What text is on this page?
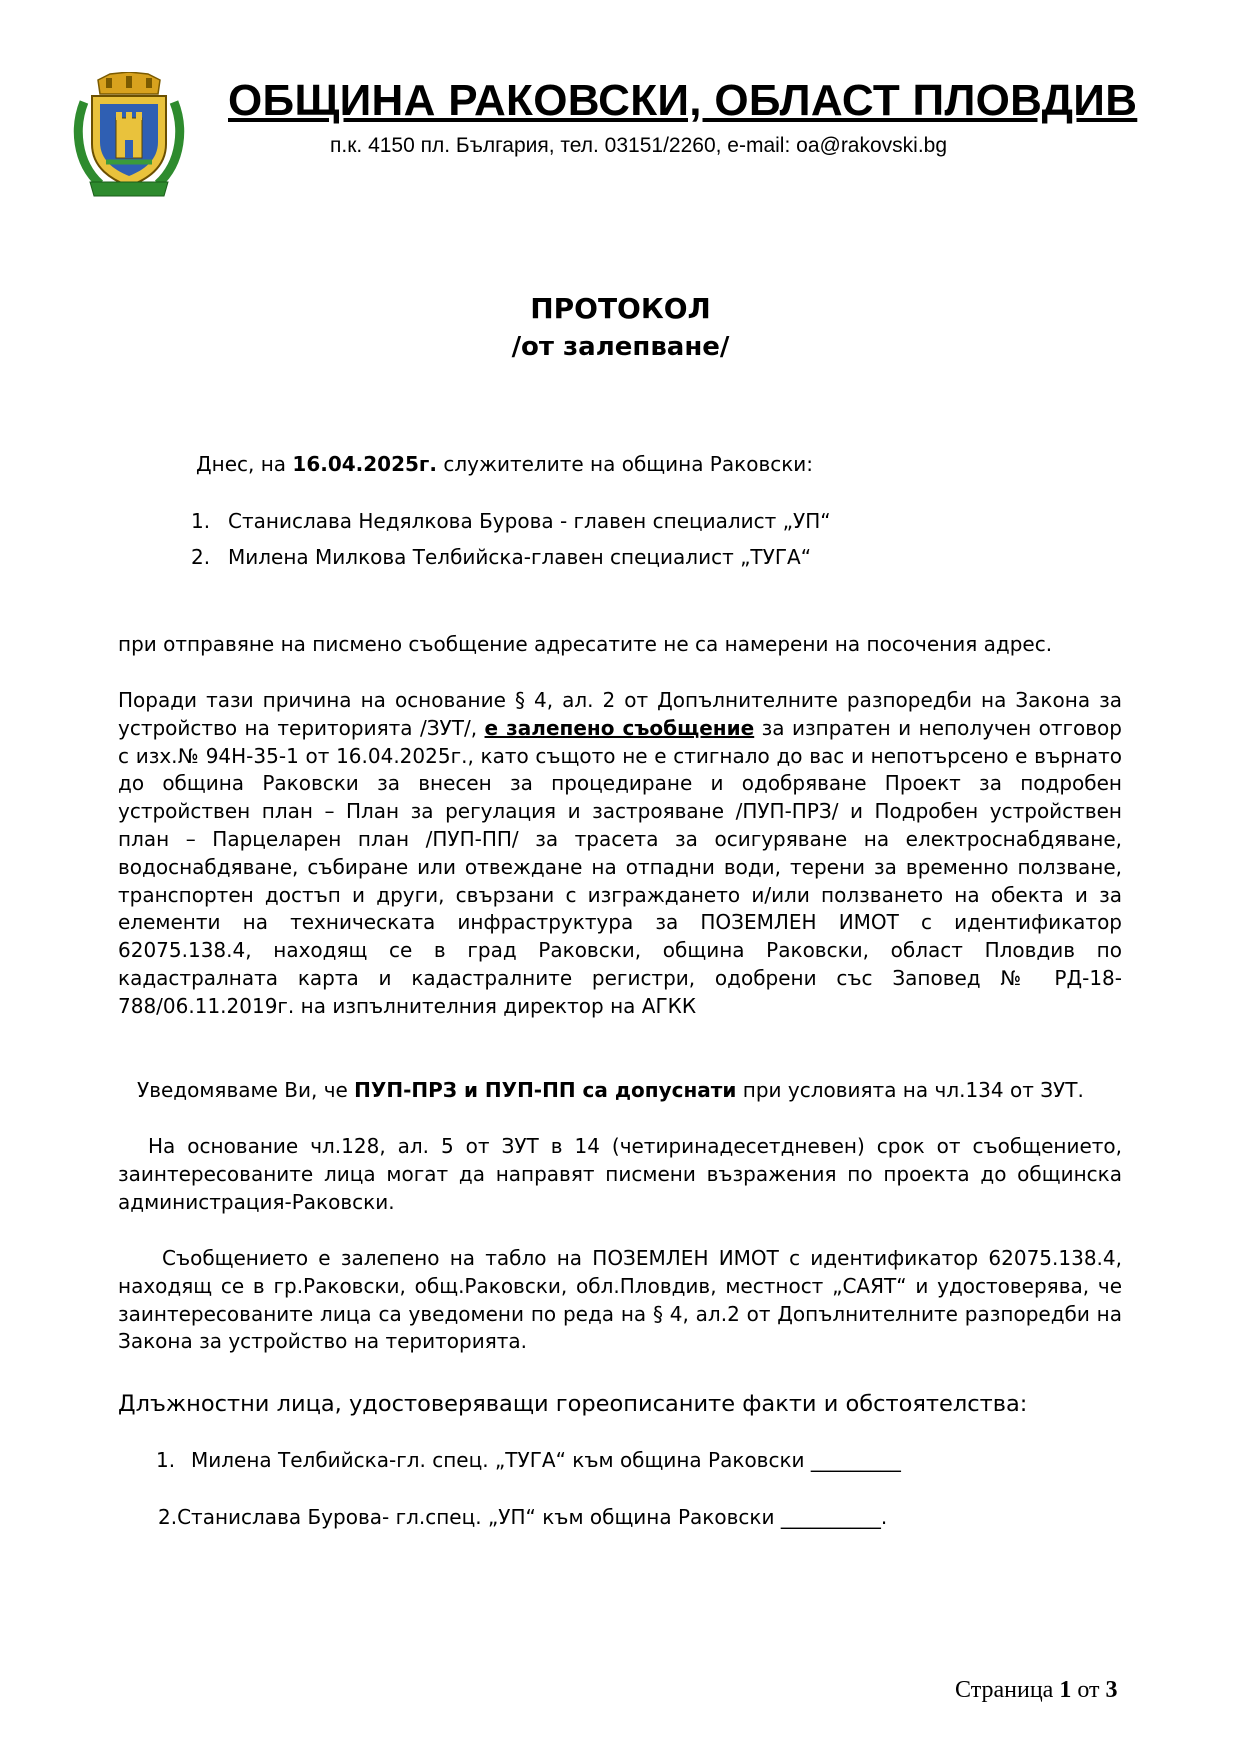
ОБЩИНА РАКОВСКИ, ОБЛАСТ ПЛОВДИВ
п.к. 4150 пл. България, тел. 03151/2260, e-mail: oa@rakovski.bg
ПРОТОКОЛ
/от залепване/
Днес, на 16.04.2025г. служителите на община Раковски:
1. Станислава Недялкова Бурова - главен специалист „УП“
2. Милена Милкова Телбийска-главен специалист „ТУГА“
при отправяне на писмено съобщение адресатите не са намерени на посочения адрес.
Поради тази причина на основание § 4, ал. 2 от Допълнителните разпоредби на Закона за устройство на територията /ЗУТ/, е залепено съобщение за изпратен и неполучен отговор с изх.№ 94Н-35-1 от 16.04.2025г., като същото не е стигнало до вас и непотърсено е върнато до община Раковски за внесен за процедиране и одобряване Проект за подробен устройствен план – План за регулация и застрояване /ПУП-ПРЗ/ и Подробен устройствен план – Парцеларен план /ПУП-ПП/ за трасета за осигуряване на електроснабдяване, водоснабдяване, събиране или отвеждане на отпадни води, терени за временно ползване, транспортен достъп и други, свързани с изграждането и/или ползването на обекта и за елементи на техническата инфраструктура за ПОЗЕМЛЕН ИМОТ с идентификатор 62075.138.4, находящ се в град Раковски, община Раковски, област Пловдив по кадастралната карта и кадастралните регистри, одобрени със Заповед № РД-18-788/06.11.2019г. на изпълнителния директор на АГКК
Уведомяваме Ви, че ПУП-ПРЗ и ПУП-ПП са допуснати при условията на чл.134 от ЗУТ.
На основание чл.128, ал. 5 от ЗУТ в 14 (четиринадесетдневен) срок от съобщението, заинтересованите лица могат да направят писмени възражения по проекта до общинска администрация-Раковски.
Съобщението е залепено на табло на ПОЗЕМЛЕН ИМОТ с идентификатор 62075.138.4, находящ се в гр.Раковски, общ.Раковски, обл.Пловдив, местност „САЯТ“ и удостоверява, че заинтересованите лица са уведомени по реда на § 4, ал.2 от Допълнителните разпоредби на Закона за устройство на територията.
Длъжностни лица, удостоверяващи гореописаните факти и обстоятелства:
1. Милена Телбийска-гл. спец. „ТУГА“ към община Раковски _________
2.Станислава Бурова- гл.спец. „УП“ към община Раковски __________.
Страница 1 от 3
